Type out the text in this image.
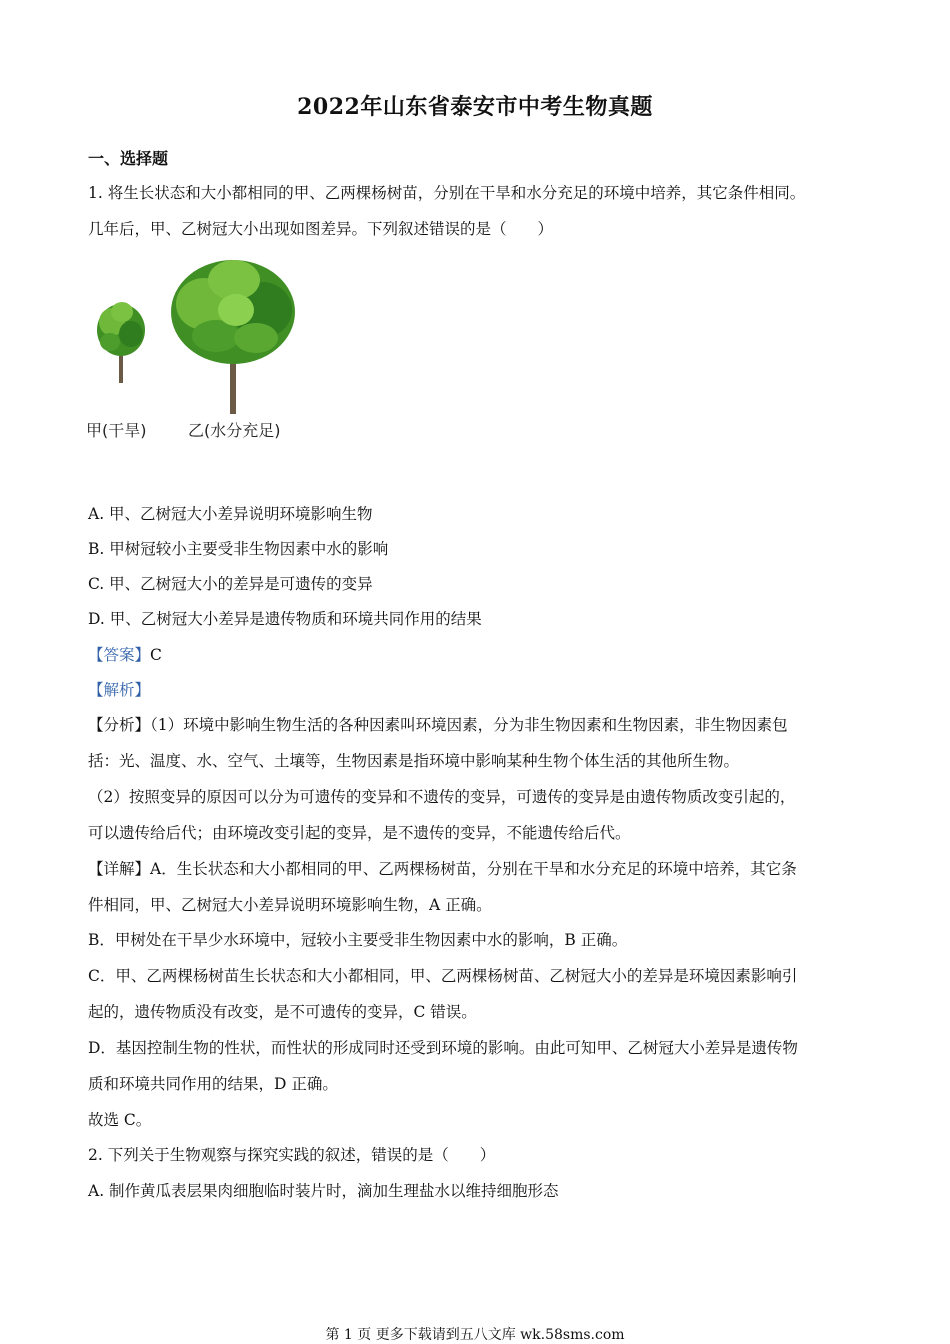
2022年山东省泰安市中考生物真题
一、选择题
1. 将生长状态和大小都相同的甲、乙两棵杨树苗，分别在干旱和水分充足的环境中培养，其它条件相同。
几年后，甲、乙树冠大小出现如图差异。下列叙述错误的是（　　）
甲(干旱)	乙(水分充足)
A. 甲、乙树冠大小差异说明环境影响生物
B. 甲树冠较小主要受非生物因素中水的影响
C. 甲、乙树冠大小的差异是可遗传的变异
D. 甲、乙树冠大小差异是遗传物质和环境共同作用的结果
【答案】C
【解析】
【分析】（1）环境中影响生物生活的各种因素叫环境因素，分为非生物因素和生物因素，非生物因素包
括：光、温度、水、空气、土壤等，生物因素是指环境中影响某种生物个体生活的其他所生物。
（2）按照变异的原因可以分为可遗传的变异和不遗传的变异，可遗传的变异是由遗传物质改变引起的，
可以遗传给后代；由环境改变引起的变异，是不遗传的变异，不能遗传给后代。
【详解】A．生长状态和大小都相同的甲、乙两棵杨树苗，分别在干旱和水分充足的环境中培养，其它条
件相同，甲、乙树冠大小差异说明环境影响生物，A 正确。
B．甲树处在干旱少水环境中，冠较小主要受非生物因素中水的影响，B 正确。
C．甲、乙两棵杨树苗生长状态和大小都相同，甲、乙两棵杨树苗、乙树冠大小的差异是环境因素影响引
起的，遗传物质没有改变，是不可遗传的变异，C 错误。
D．基因控制生物的性状，而性状的形成同时还受到环境的影响。由此可知甲、乙树冠大小差异是遗传物
质和环境共同作用的结果，D 正确。
故选 C。
2. 下列关于生物观察与探究实践的叙述，错误的是（　　）
A. 制作黄瓜表层果肉细胞临时装片时，滴加生理盐水以维持细胞形态
第 1 页 更多下载请到五八文库 wk.58sms.com
